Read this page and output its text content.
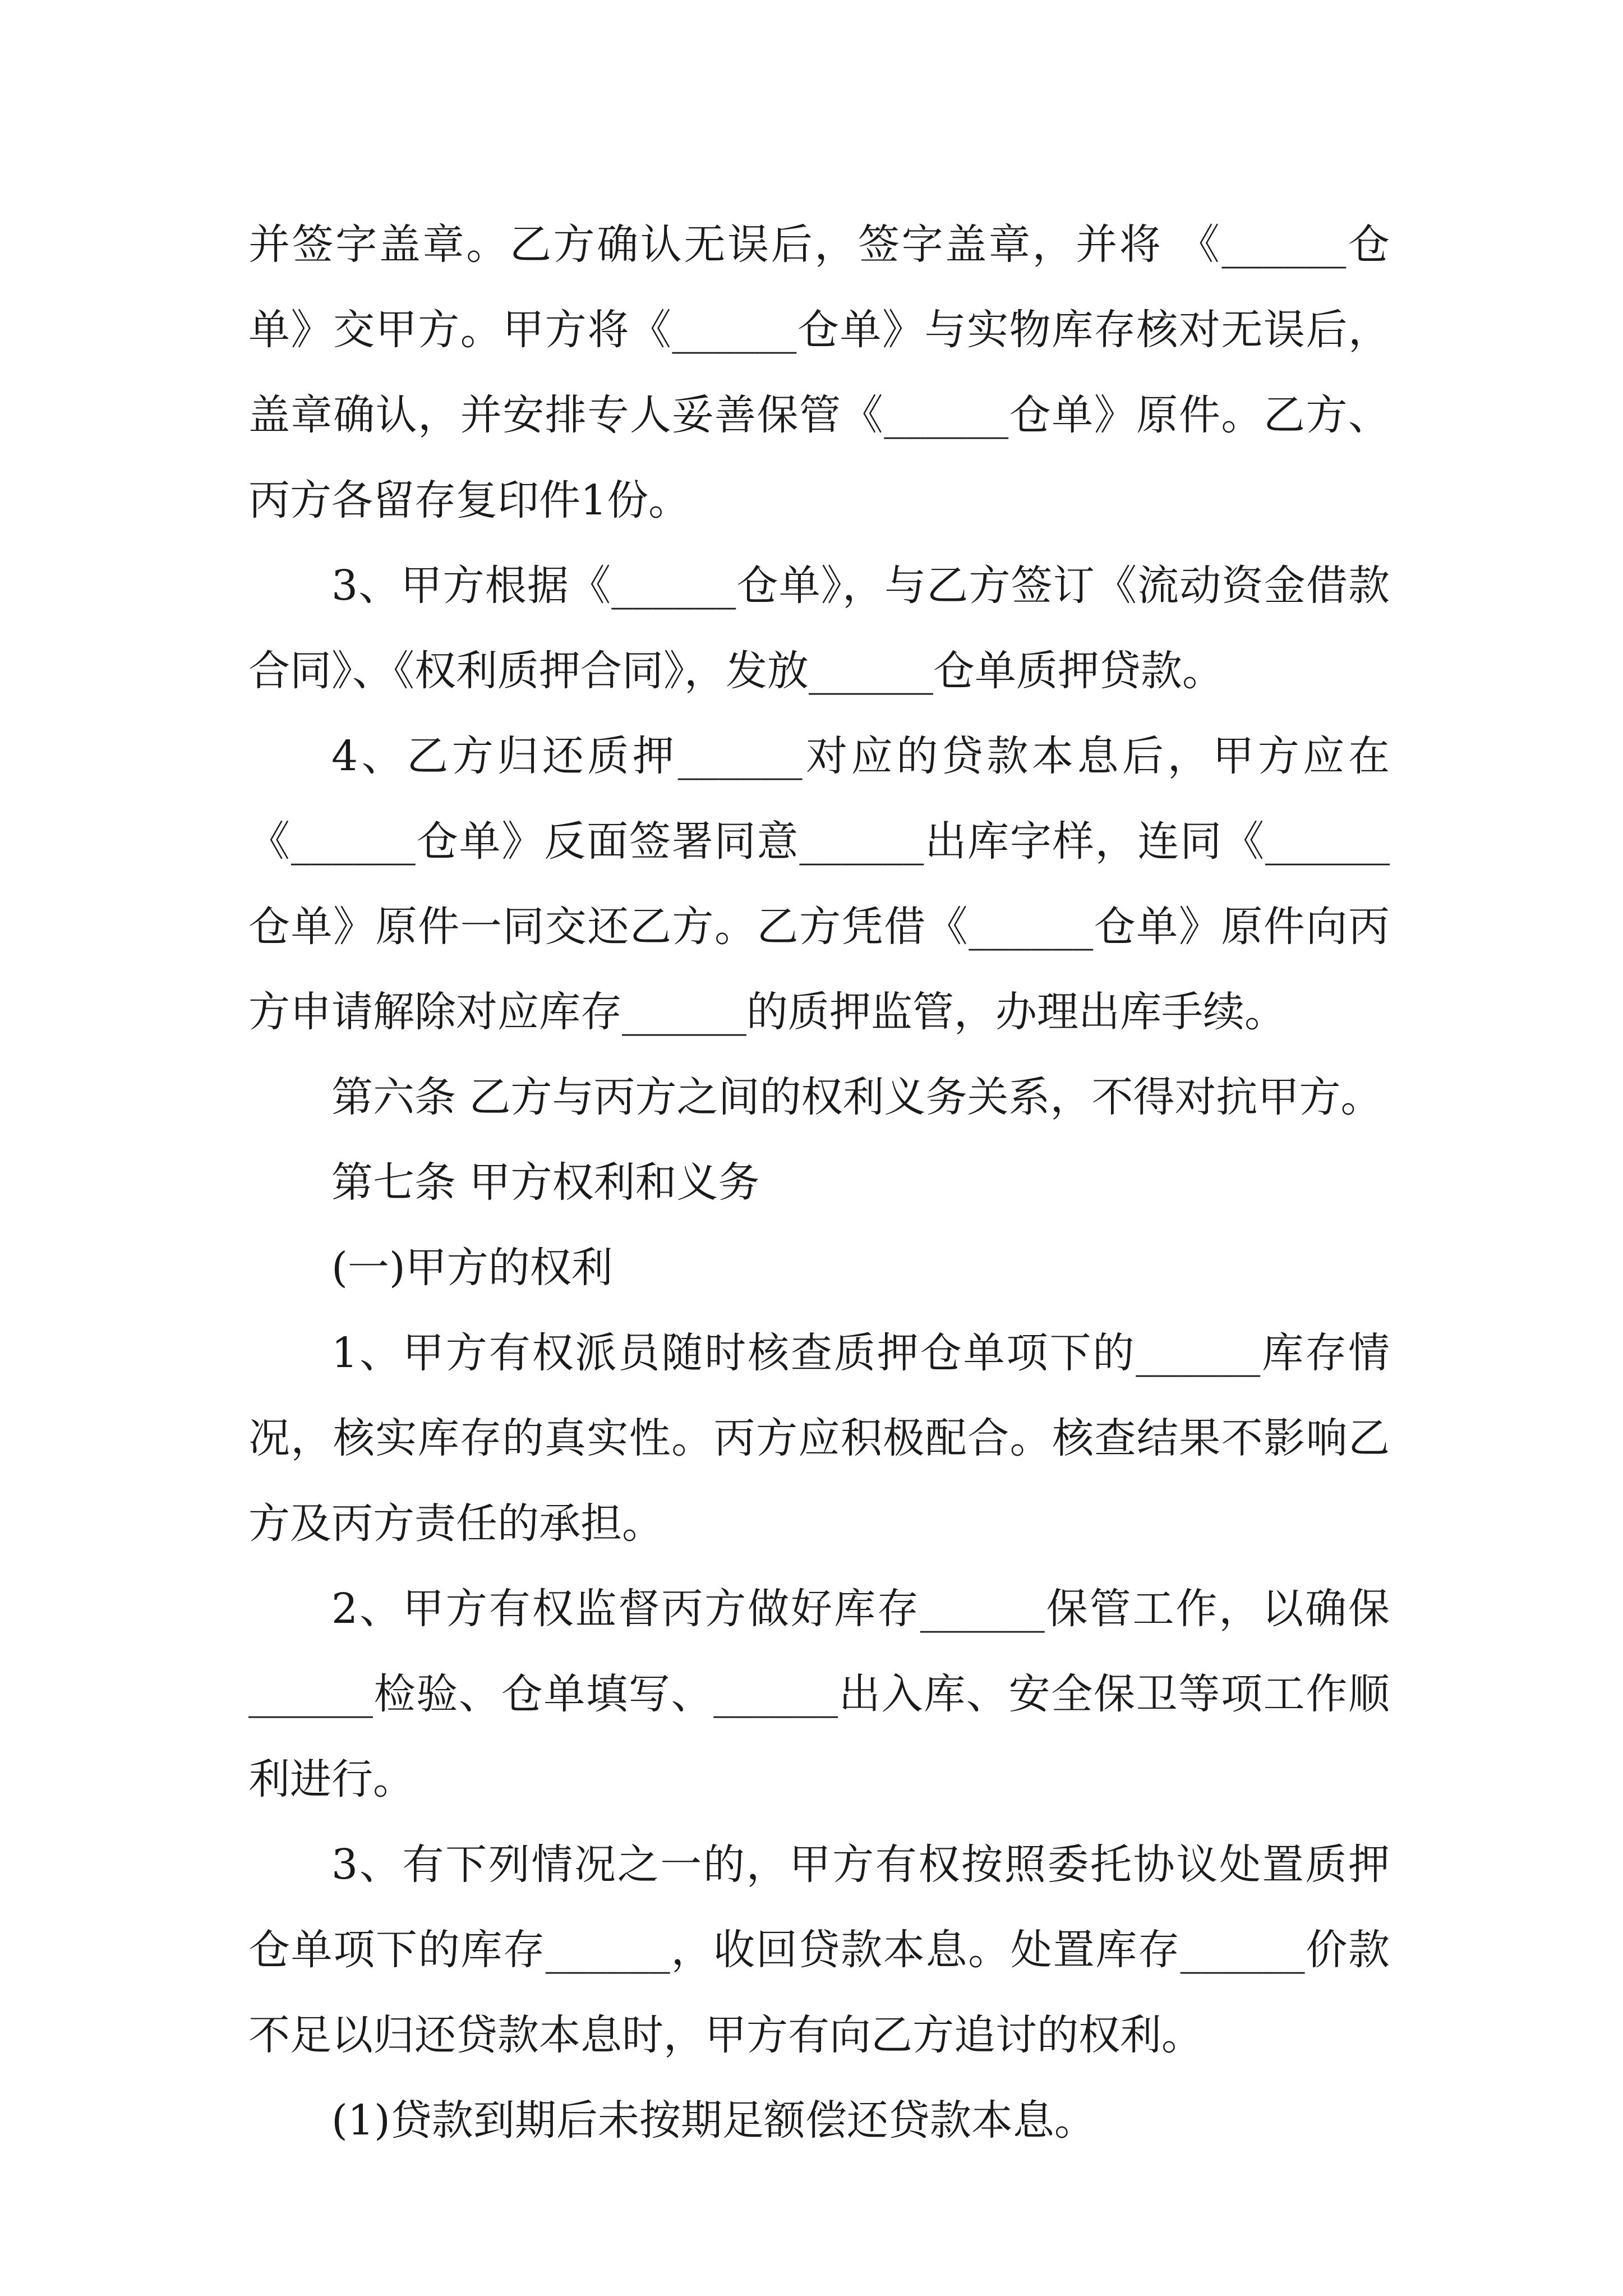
并签字盖章。乙方确认无误后，签字盖章，并将 《______仓单》交甲方。甲方将《______仓单》与实物库存核对无误后，盖章确认，并安排专人妥善保管《______仓单》原件。乙方、丙方各留存复印件1份。

3、甲方根据《______仓单》，与乙方签订《流动资金借款合同》、《权利质押合同》，发放______仓单质押贷款。

4、乙方归还质押______对应的贷款本息后，甲方应在《______仓单》反面签署同意______出库字样，连同《______仓单》原件一同交还乙方。乙方凭借《______仓单》原件向丙方申请解除对应库存______的质押监管，办理出库手续。

第六条 乙方与丙方之间的权利义务关系，不得对抗甲方。

第七条 甲方权利和义务

(一)甲方的权利

1、甲方有权派员随时核查质押仓单项下的______库存情况，核实库存的真实性。丙方应积极配合。核查结果不影响乙方及丙方责任的承担。

2、甲方有权监督丙方做好库存______保管工作，以确保______检验、仓单填写、______出入库、安全保卫等项工作顺利进行。

3、有下列情况之一的，甲方有权按照委托协议处置质押仓单项下的库存______，收回贷款本息。处置库存______价款不足以归还贷款本息时，甲方有向乙方追讨的权利。

(1)贷款到期后未按期足额偿还贷款本息。
